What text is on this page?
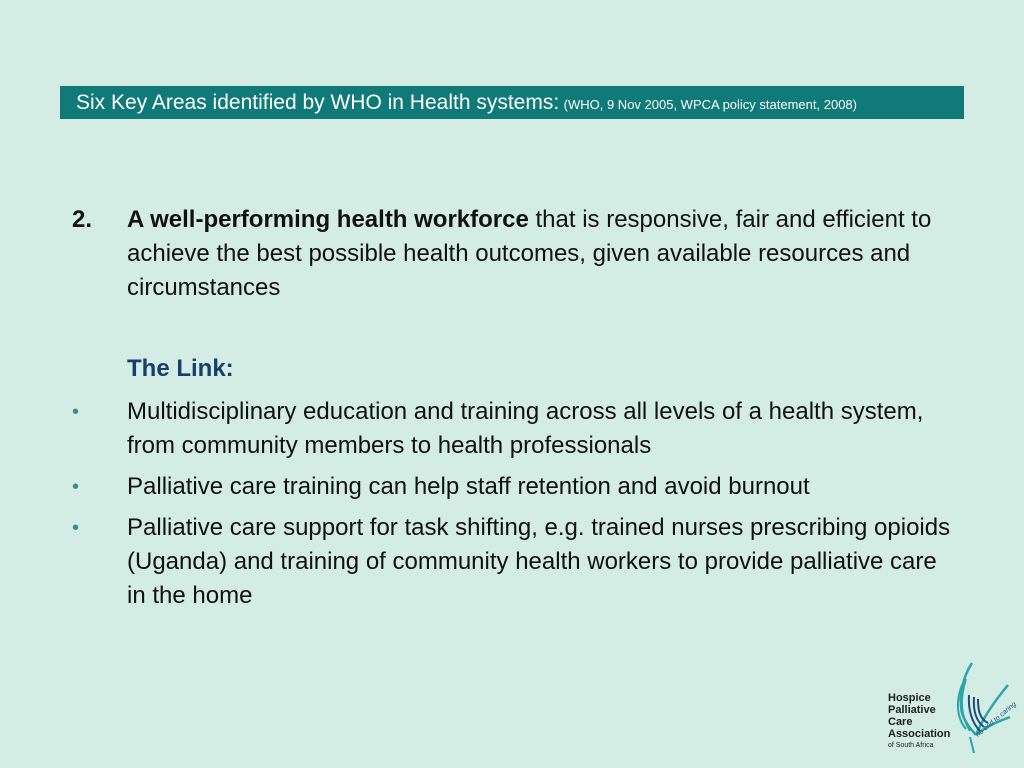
Six Key Areas identified by WHO in Health systems: (WHO, 9 Nov 2005, WPCA policy statement, 2008)
2. A well-performing health workforce that is responsive, fair and efficient to achieve the best possible health outcomes, given available resources and circumstances
The Link:
• Multidisciplinary education and training across all levels of a health system, from community members to health professionals
• Palliative care training can help staff retention and avoid burnout
• Palliative care support for task shifting, e.g. trained nurses prescribing opioids (Uganda) and training of community health workers to provide palliative care in the home
Hospice
Palliative
Care
Association
of South Africa
no end to caring
